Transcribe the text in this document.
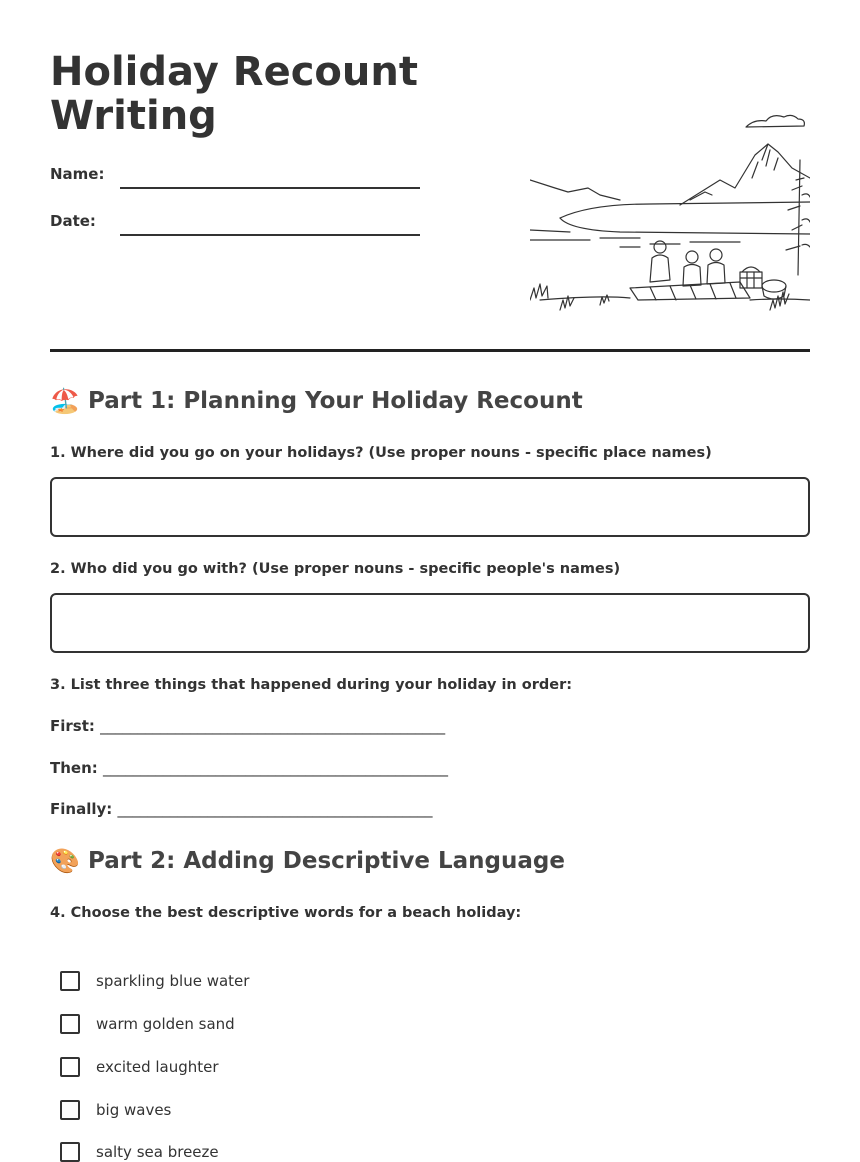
Holiday Recount Writing
Name:
Date:
🏖️ Part 1: Planning Your Holiday Recount
1. Where did you go on your holidays? (Use proper nouns - specific place names)
2. Who did you go with? (Use proper nouns - specific people's names)
3. List three things that happened during your holiday in order:
First: ______________________________________________
Then: ______________________________________________
Finally: __________________________________________
🎨 Part 2: Adding Descriptive Language
4. Choose the best descriptive words for a beach holiday:
sparkling blue water
warm golden sand
excited laughter
big waves
salty sea breeze
